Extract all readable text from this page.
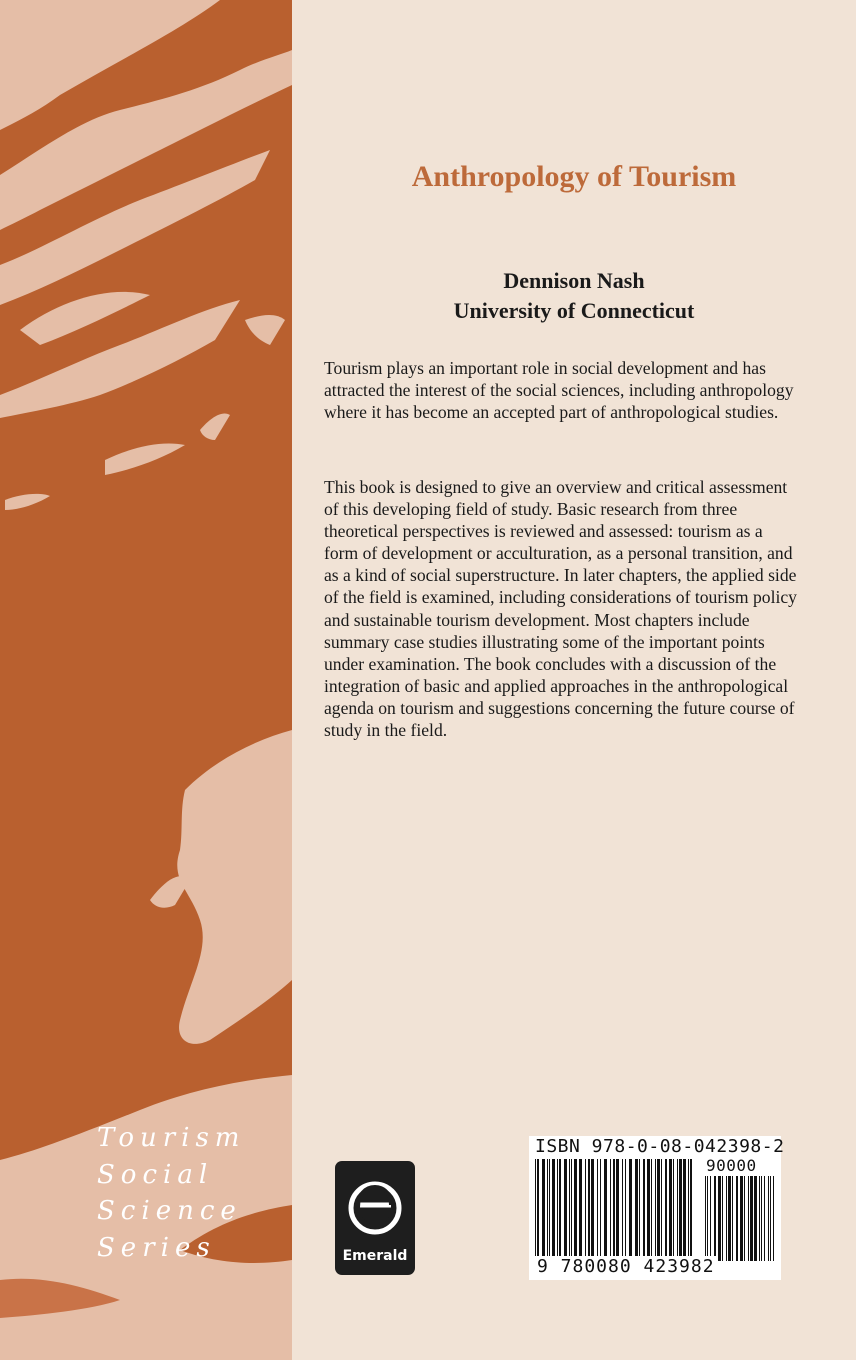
Anthropology of Tourism
Dennison Nash
University of Connecticut

Tourism plays an important role in social development and has attracted the interest of the social sciences, including anthropology where it has become an accepted part of anthropological studies.

This book is designed to give an overview and critical assessment of this developing field of study. Basic research from three theoretical perspectives is reviewed and assessed: tourism as a form of development or acculturation, as a personal transition, and as a kind of social superstructure. In later chapters, the applied side of the field is examined, including considerations of tourism policy and sustainable tourism development. Most chapters include summary case studies illustrating some of the important points under examination. The book concludes with a discussion of the integration of basic and applied approaches in the anthropological agenda on tourism and suggestions concerning the future course of study in the field.

Tourism
Social
Science
Series	Emerald
ISBN 978-0-08-042398-2
90000
9 780080 423982
